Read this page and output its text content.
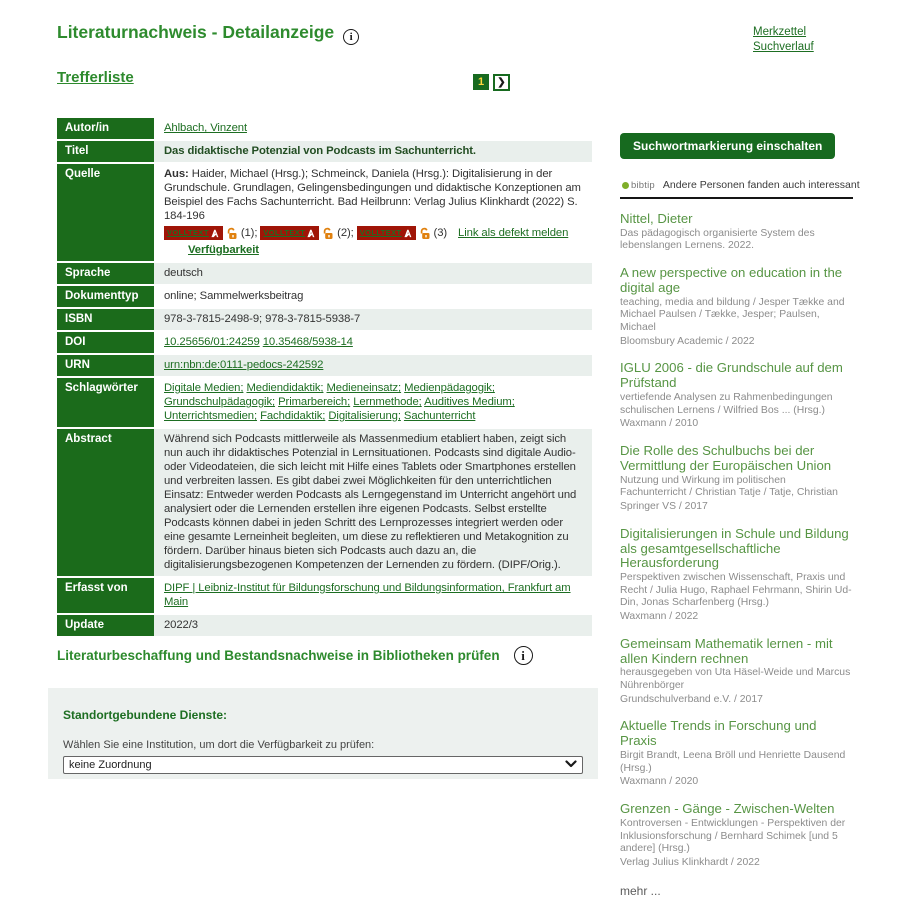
Literaturnachweis - Detailanzeige i	Merkzettel
Suchverlauf
Trefferliste	1	❯
Autor/in	Ahlbach, Vinzent
Titel	Das didaktische Potenzial von Podcasts im Sachunterricht.
Quelle	Aus: Haider, Michael (Hrsg.); Schmeinck, Daniela (Hrsg.): Digitalisierung in der Grundschule. Grundlagen, Gelingensbedingungen und didaktische Konzeptionen am Beispiel des Fachs Sachunterricht. Bad Heilbrunn: Verlag Julius Klinkhardt (2022) S. 184-196
VOLLTEXT	(1); VOLLTEXT	(2); VOLLTEXT	(3) Link als defekt melden
Verfügbarkeit
Sprache	deutsch
Dokumenttyp	online; Sammelwerksbeitrag
ISBN	978-3-7815-2498-9; 978-3-7815-5938-7
DOI	10.25656/01:24259 10.35468/5938-14
URN	urn:nbn:de:0111-pedocs-242592
Schlagwörter	Digitale Medien; Mediendidaktik; Medieneinsatz; Medienpädagogik; Grundschulpädagogik; Primarbereich; Lernmethode; Auditives Medium; Unterrichtsmedien; Fachdidaktik; Digitalisierung; Sachunterricht
Abstract	Während sich Podcasts mittlerweile als Massenmedium etabliert haben, zeigt sich nun auch ihr didaktisches Potenzial in Lernsituationen. Podcasts sind digitale Audio- oder Videodateien, die sich leicht mit Hilfe eines Tablets oder Smartphones erstellen und verbreiten lassen. Es gibt dabei zwei Möglichkeiten für den unterrichtlichen Einsatz: Entweder werden Podcasts als Lerngegenstand im Unterricht angehört und analysiert oder die Lernenden erstellen ihre eigenen Podcasts. Selbst erstellte Podcasts können dabei in jeden Schritt des Lernprozesses integriert werden oder eine gesamte Lerneinheit begleiten, um diese zu reflektieren und Metakognition zu fördern. Darüber hinaus bieten sich Podcasts auch dazu an, die digitalisierungsbezogenen Kompetenzen der Lernenden zu fördern. (DIPF/Orig.).
Erfasst von	DIPF | Leibniz-Institut für Bildungsforschung und Bildungsinformation, Frankfurt am Main
Update	2022/3
Literaturbeschaffung und Bestandsnachweise in Bibliotheken prüfen	i

Standortgebundene Dienste:

Wählen Sie eine Institution, um dort die Verfügbarkeit zu prüfen:

keine Zuordnung
Suchwortmarkierung einschalten
bibtip Andere Personen fanden auch interessant
Nittel, Dieter
Das pädagogisch organisierte System des lebenslangen Lernens. 2022.
A new perspective on education in the digital age
teaching, media and bildung / Jesper Tække and Michael Paulsen / Tække, Jesper; Paulsen, Michael
Bloomsbury Academic / 2022
IGLU 2006 - die Grundschule auf dem Prüfstand
vertiefende Analysen zu Rahmenbedingungen schulischen Lernens / Wilfried Bos ... (Hrsg.)
Waxmann / 2010
Die Rolle des Schulbuchs bei der Vermittlung der Europäischen Union
Nutzung und Wirkung im politischen Fachunterricht / Christian Tatje / Tatje, Christian
Springer VS / 2017
Digitalisierungen in Schule und Bildung als gesamtgesellschaftliche Herausforderung
Perspektiven zwischen Wissenschaft, Praxis und Recht / Julia Hugo, Raphael Fehrmann, Shirin Ud-Din, Jonas Scharfenberg (Hrsg.)
Waxmann / 2022
Gemeinsam Mathematik lernen - mit allen Kindern rechnen
herausgegeben von Uta Häsel-Weide und Marcus Nührenbörger
Grundschulverband e.V. / 2017
Aktuelle Trends in Forschung und Praxis
Birgit Brandt, Leena Bröll und Henriette Dausend (Hrsg.)
Waxmann / 2020
Grenzen - Gänge - Zwischen-Welten
Kontroversen - Entwicklungen - Perspektiven der Inklusionsforschung / Bernhard Schimek [und 5 andere] (Hrsg.)
Verlag Julius Klinkhardt / 2022
mehr ...
